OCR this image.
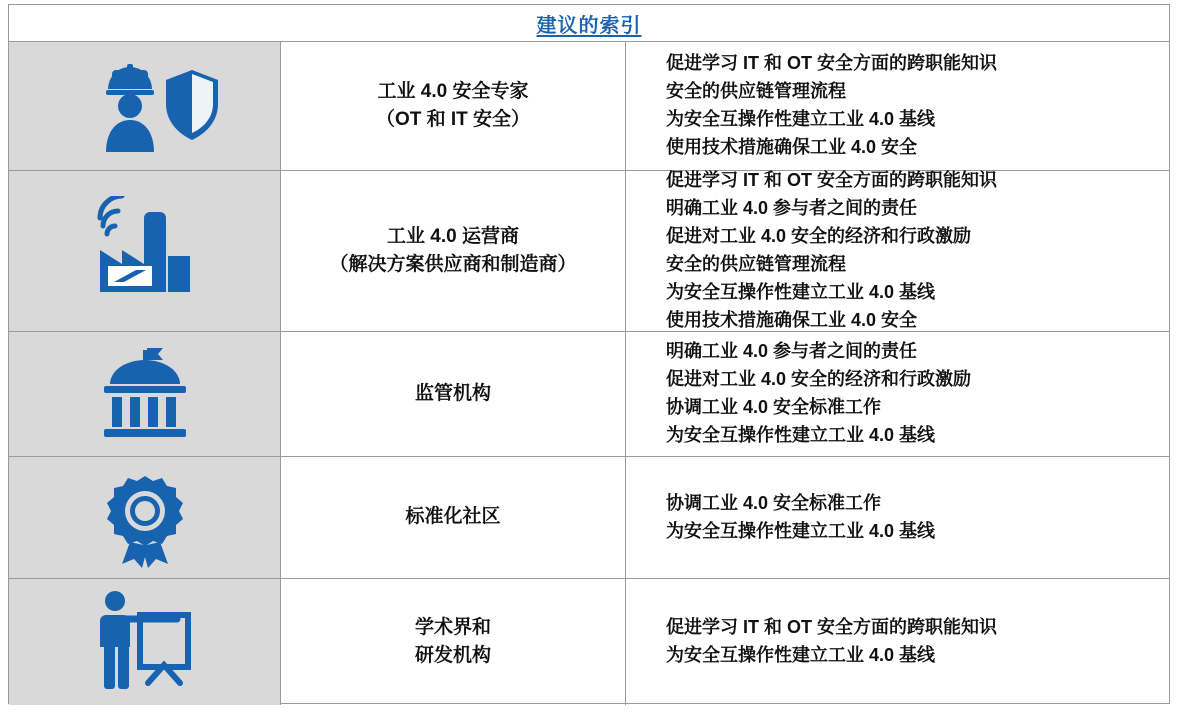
建议的索引
工业 4.0 安全专家
（OT 和 IT 安全）
促进学习 IT 和 OT 安全方面的跨职能知识
安全的供应链管理流程
为安全互操作性建立工业 4.0 基线
使用技术措施确保工业 4.0 安全
工业 4.0 运营商
（解决方案供应商和制造商）
促进学习 IT 和 OT 安全方面的跨职能知识
明确工业 4.0 参与者之间的责任
促进对工业 4.0 安全的经济和行政激励
安全的供应链管理流程
为安全互操作性建立工业 4.0 基线
使用技术措施确保工业 4.0 安全
监管机构
明确工业 4.0 参与者之间的责任
促进对工业 4.0 安全的经济和行政激励
协调工业 4.0 安全标准工作
为安全互操作性建立工业 4.0 基线
标准化社区
协调工业 4.0 安全标准工作
为安全互操作性建立工业 4.0 基线
学术界和
研发机构
促进学习 IT 和 OT 安全方面的跨职能知识
为安全互操作性建立工业 4.0 基线
